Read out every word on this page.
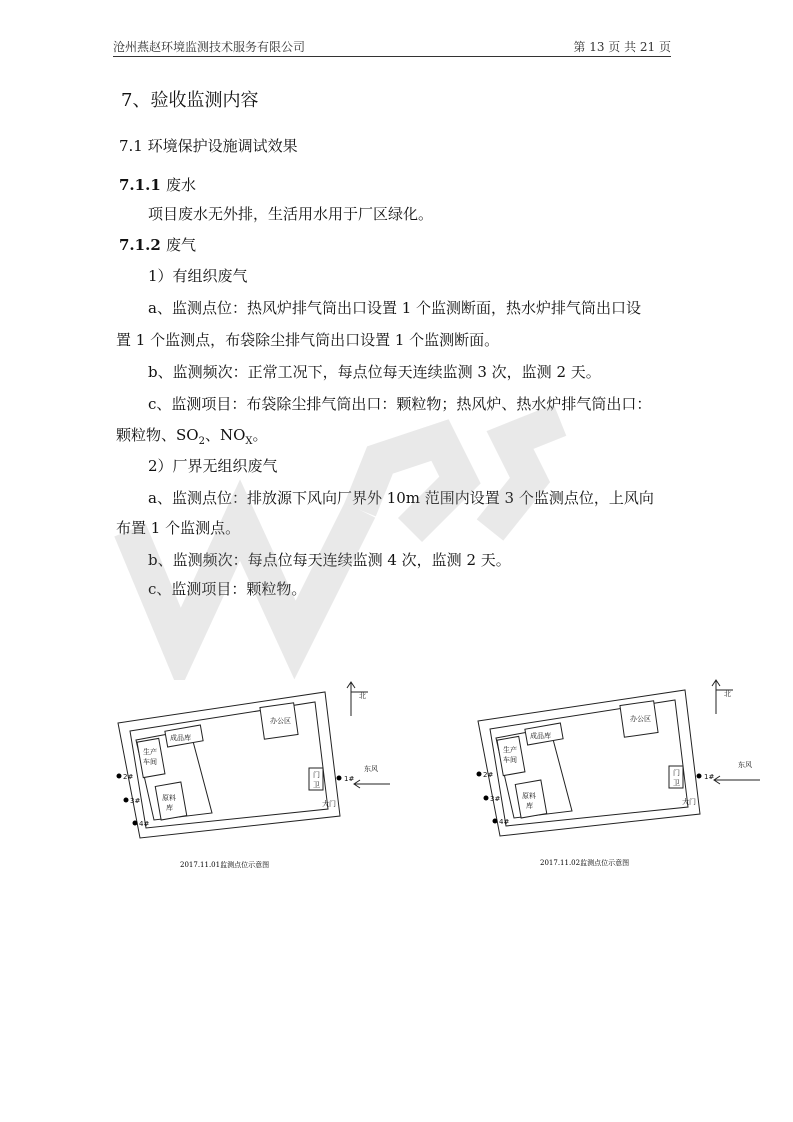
沧州燕赵环境监测技术服务有限公司	第 13 页 共 21 页
7、验收监测内容
7.1 环境保护设施调试效果
7.1.1 废水
项目废水无外排，生活用水用于厂区绿化。
7.1.2 废气
1）有组织废气
a、监测点位：热风炉排气筒出口设置 1 个监测断面，热水炉排气筒出口设
置 1 个监测点，布袋除尘排气筒出口设置 1 个监测断面。
b、监测频次：正常工况下，每点位每天连续监测 3 次，监测 2 天。
c、监测项目：布袋除尘排气筒出口：颗粒物；热风炉、热水炉排气筒出口：
颗粒物、$SO_2$、$NO_X$。
2）厂界无组织废气
a、监测点位：排放源下风向厂界外 10m 范围内设置 3 个监测点位，上风向
布置 1 个监测点。
b、监测频次：每点位每天连续监测 4 次，监测 2 天。
c、监测项目：颗粒物。
办公区
成品库
生产
车间
原料
库
门
卫
大门
北
东风
1#
2#
3#
4#
2017.11.01监测点位示意图
办公区
成品库
生产
车间
原料
库
门
卫
大门
北
东风
1#
2#
3#
4#
2017.11.02监测点位示意图
